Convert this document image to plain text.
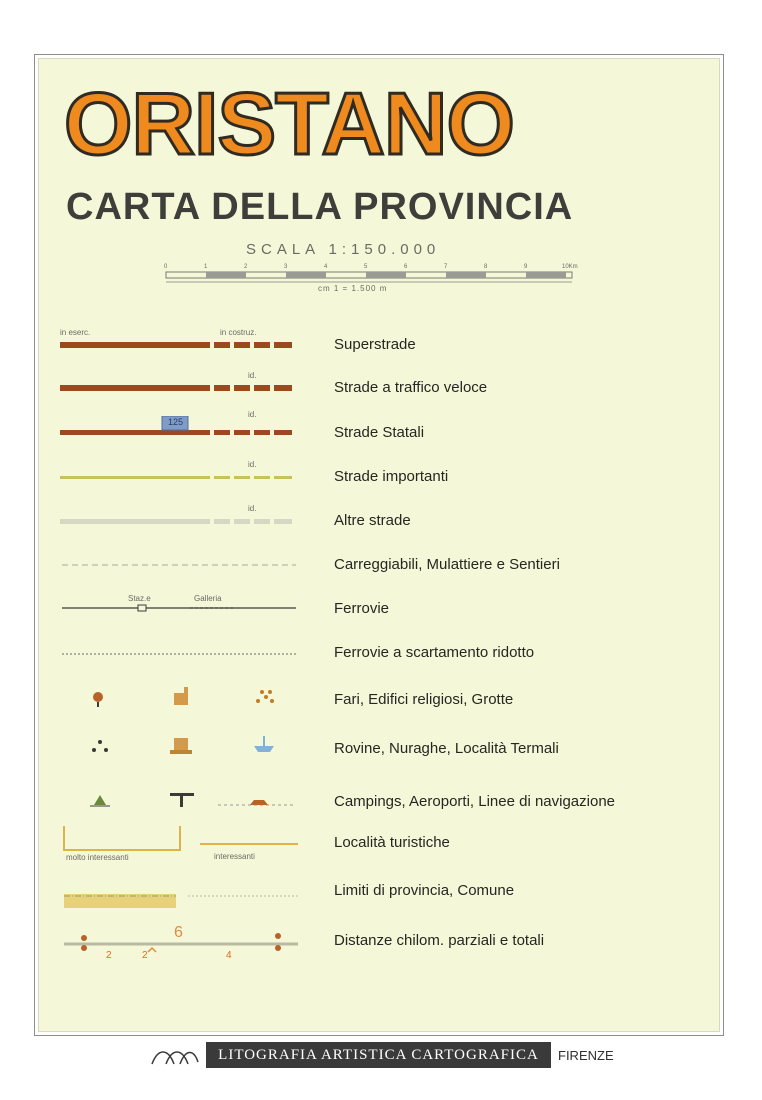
ORISTANO
CARTA DELLA PROVINCIA
SCALA 1:150.000
0	1	2	3	4	5	6	7	8	9	10Km
cm 1 = 1.500 m
in eserc.	in costruz.
Superstrade
id.
Strade a traffico veloce
id.
125
Strade Statali
id.
Strade importanti
id.
Altre strade
Carreggiabili, Mulattiere e Sentieri
Staz.e	Galleria
Ferrovie
Ferrovie a scartamento ridotto
Fari, Edifici religiosi, Grotte
Rovine, Nuraghe, Località Termali
Campings, Aeroporti, Linee di navigazione
molto interessanti	interessanti
Località turistiche
Limiti di provincia, Comune
2	2
6
4
Distanze chilom. parziali e totali
LITOGRAFIA ARTISTICA CARTOGRAFICA	FIRENZE
